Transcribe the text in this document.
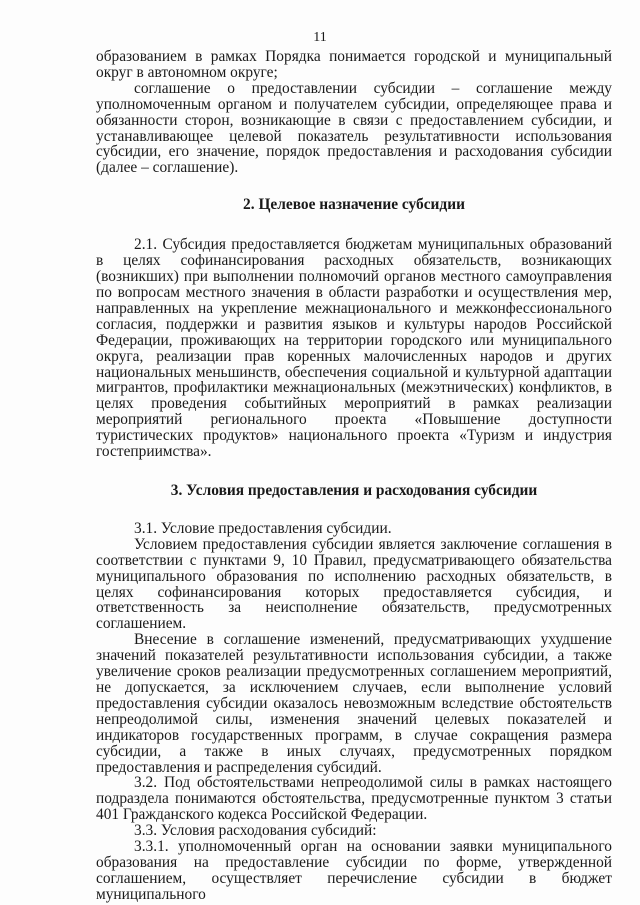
11

образованием в рамках Порядка понимается городской и муниципальный округ в автономном округе;

соглашение о предоставлении субсидии – соглашение между уполномоченным органом и получателем субсидии, определяющее права и обязанности сторон, возникающие в связи с предоставлением субсидии, и устанавливающее целевой показатель результативности использования субсидии, его значение, порядок предоставления и расходования субсидии (далее – соглашение).

2. Целевое назначение субсидии

2.1. Субсидия предоставляется бюджетам муниципальных образований в целях софинансирования расходных обязательств, возникающих (возникших) при выполнении полномочий органов местного самоуправления по вопросам местного значения в области разработки и осуществления мер, направленных на укрепление межнационального и межконфессионального согласия, поддержки и развития языков и культуры народов Российской Федерации, проживающих на территории городского или муниципального округа, реализации прав коренных малочисленных народов и других национальных меньшинств, обеспечения социальной и культурной адаптации мигрантов, профилактики межнациональных (межэтнических) конфликтов, в целях проведения событийных мероприятий в рамках реализации мероприятий регионального проекта «Повышение доступности туристических продуктов» национального проекта «Туризм и индустрия гостеприимства».

3. Условия предоставления и расходования субсидии

3.1. Условие предоставления субсидии.

Условием предоставления субсидии является заключение соглашения в соответствии с пунктами 9, 10 Правил, предусматривающего обязательства муниципального образования по исполнению расходных обязательств, в целях софинансирования которых предоставляется субсидия, и ответственность за неисполнение обязательств, предусмотренных соглашением.

Внесение в соглашение изменений, предусматривающих ухудшение значений показателей результативности использования субсидии, а также увеличение сроков реализации предусмотренных соглашением мероприятий, не допускается, за исключением случаев, если выполнение условий предоставления субсидии оказалось невозможным вследствие обстоятельств непреодолимой силы, изменения значений целевых показателей и индикаторов государственных программ, в случае сокращения размера субсидии, а также в иных случаях, предусмотренных порядком предоставления и распределения субсидий.

3.2. Под обстоятельствами непреодолимой силы в рамках настоящего подраздела понимаются обстоятельства, предусмотренные пунктом 3 статьи 401 Гражданского кодекса Российской Федерации.

3.3. Условия расходования субсидий:

3.3.1. уполномоченный орган на основании заявки муниципального образования на предоставление субсидии по форме, утвержденной соглашением, осуществляет перечисление субсидии в бюджет муниципального
